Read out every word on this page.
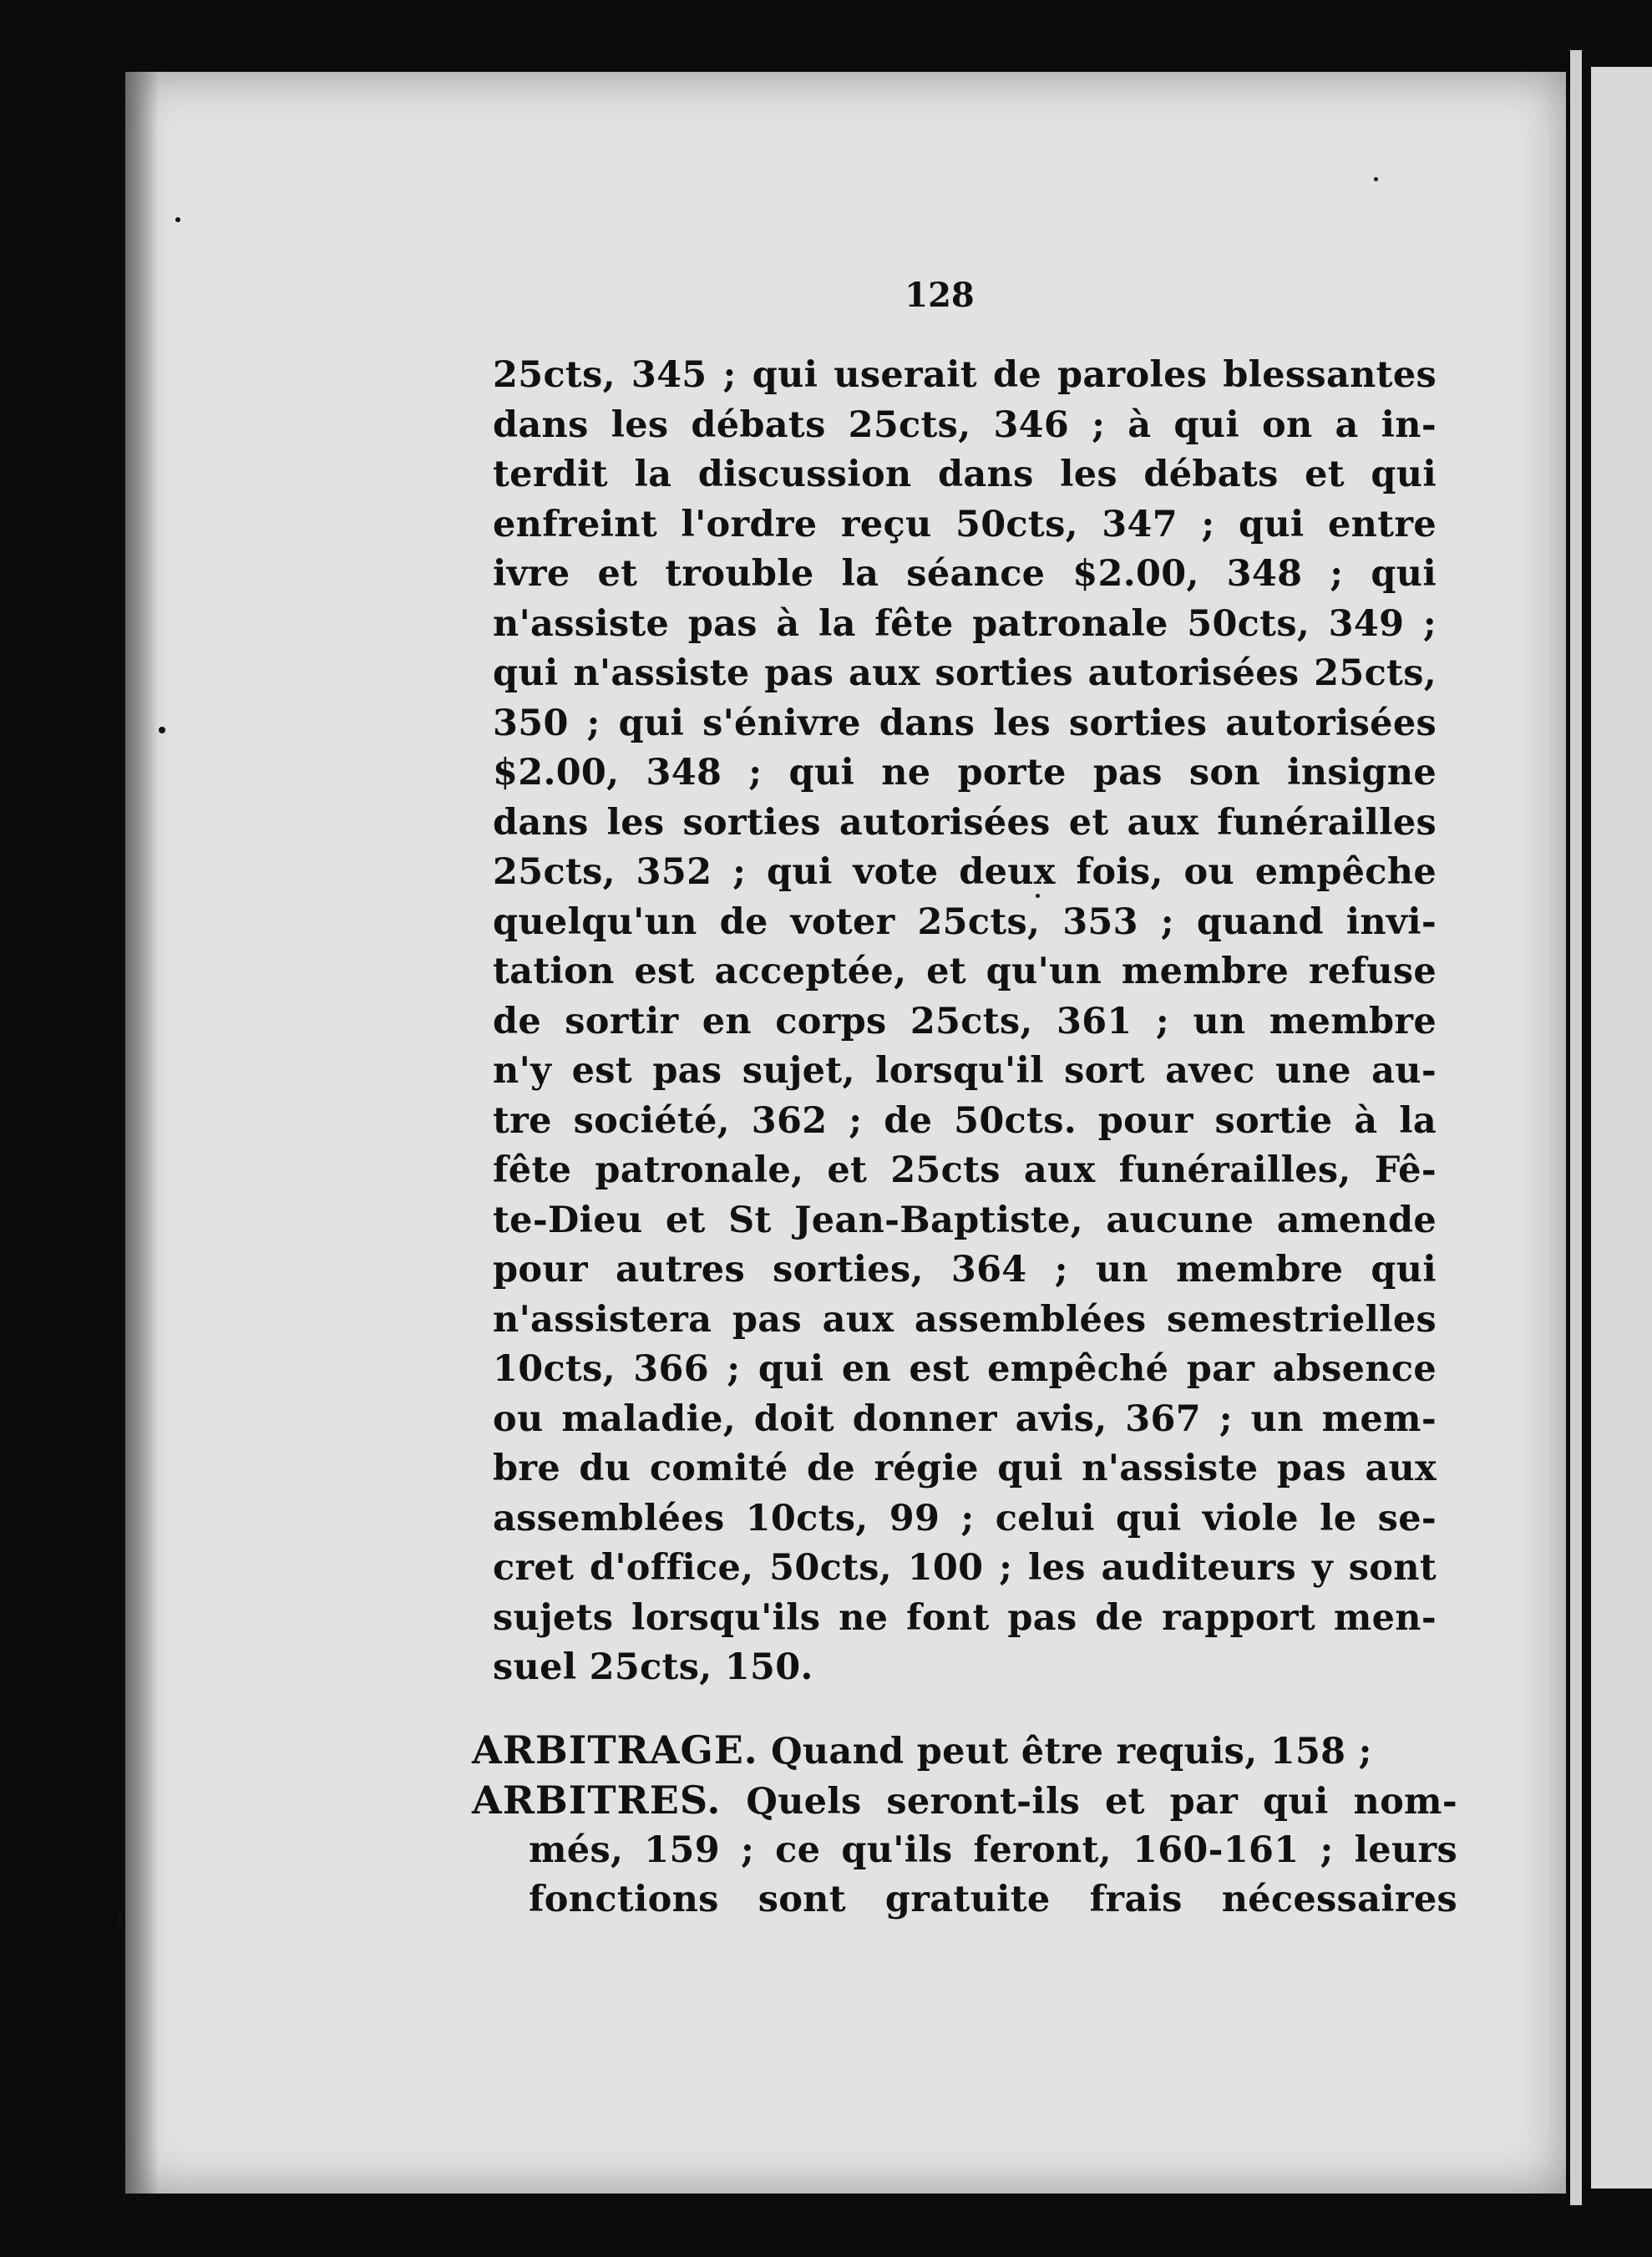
128
25cts, 345 ; qui userait de paroles blessantes
dans les débats 25cts, 346 ; à qui on a in-
terdit la discussion dans les débats et qui
enfreint l'ordre reçu 50cts, 347 ; qui entre
ivre et trouble la séance $2.00, 348 ; qui
n'assiste pas à la fête patronale 50cts, 349 ;
qui n'assiste pas aux sorties autorisées 25cts,
350 ; qui s'énivre dans les sorties autorisées
$2.00, 348 ; qui ne porte pas son insigne
dans les sorties autorisées et aux funérailles
25cts, 352 ; qui vote deux fois, ou empêche
quelqu'un de voter 25cts, 353 ; quand invi-
tation est acceptée, et qu'un membre refuse
de sortir en corps 25cts, 361 ; un membre
n'y est pas sujet, lorsqu'il sort avec une au-
tre société, 362 ; de 50cts. pour sortie à la
fête patronale, et 25cts aux funérailles, Fê-
te-Dieu et St Jean-Baptiste, aucune amende
pour autres sorties, 364 ; un membre qui
n'assistera pas aux assemblées semestrielles
10cts, 366 ; qui en est empêché par absence
ou maladie, doit donner avis, 367 ; un mem-
bre du comité de régie qui n'assiste pas aux
assemblées 10cts, 99 ; celui qui viole le se-
cret d'office, 50cts, 100 ; les auditeurs y sont
sujets lorsqu'ils ne font pas de rapport men-
suel 25cts, 150.
ARBITRAGE. Quand peut être requis, 158 ;
ARBITRES. Quels seront-ils et par qui nom-
més, 159 ; ce qu'ils feront, 160-161 ; leurs
fonctions sont gratuite frais nécessaires
